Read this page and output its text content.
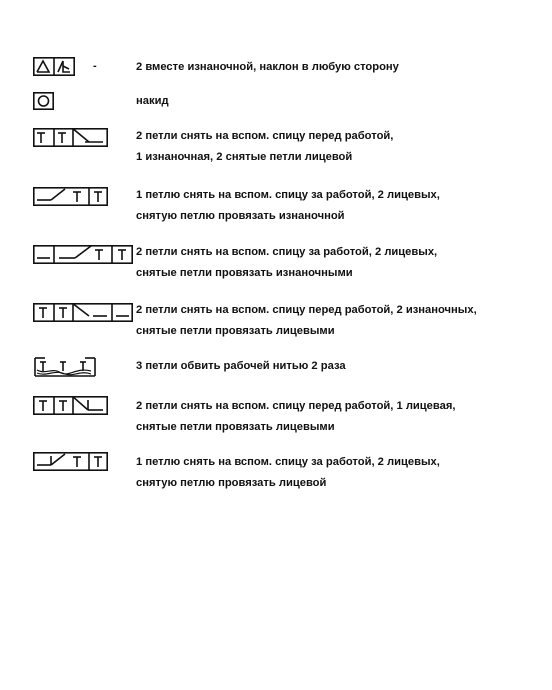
-	2 вместе изнаночной, наклон в любую сторону
накид
2 петли снять на вспом. спицу перед работой,
1 изнаночная, 2 снятые петли лицевой
1 петлю снять на вспом. спицу за работой, 2 лицевых,
снятую петлю провязать изнаночной
2 петли снять на вспом. спицу за работой, 2 лицевых,
снятые петли провязать изнаночными
2 петли снять на вспом. спицу перед работой, 2 изнаночных,
снятые петли провязать лицевыми
3 петли обвить рабочей нитью 2 раза
2 петли снять на вспом. спицу перед работой, 1 лицевая,
снятые петли провязать лицевыми
1 петлю снять на вспом. спицу за работой, 2 лицевых,
снятую петлю провязать лицевой
